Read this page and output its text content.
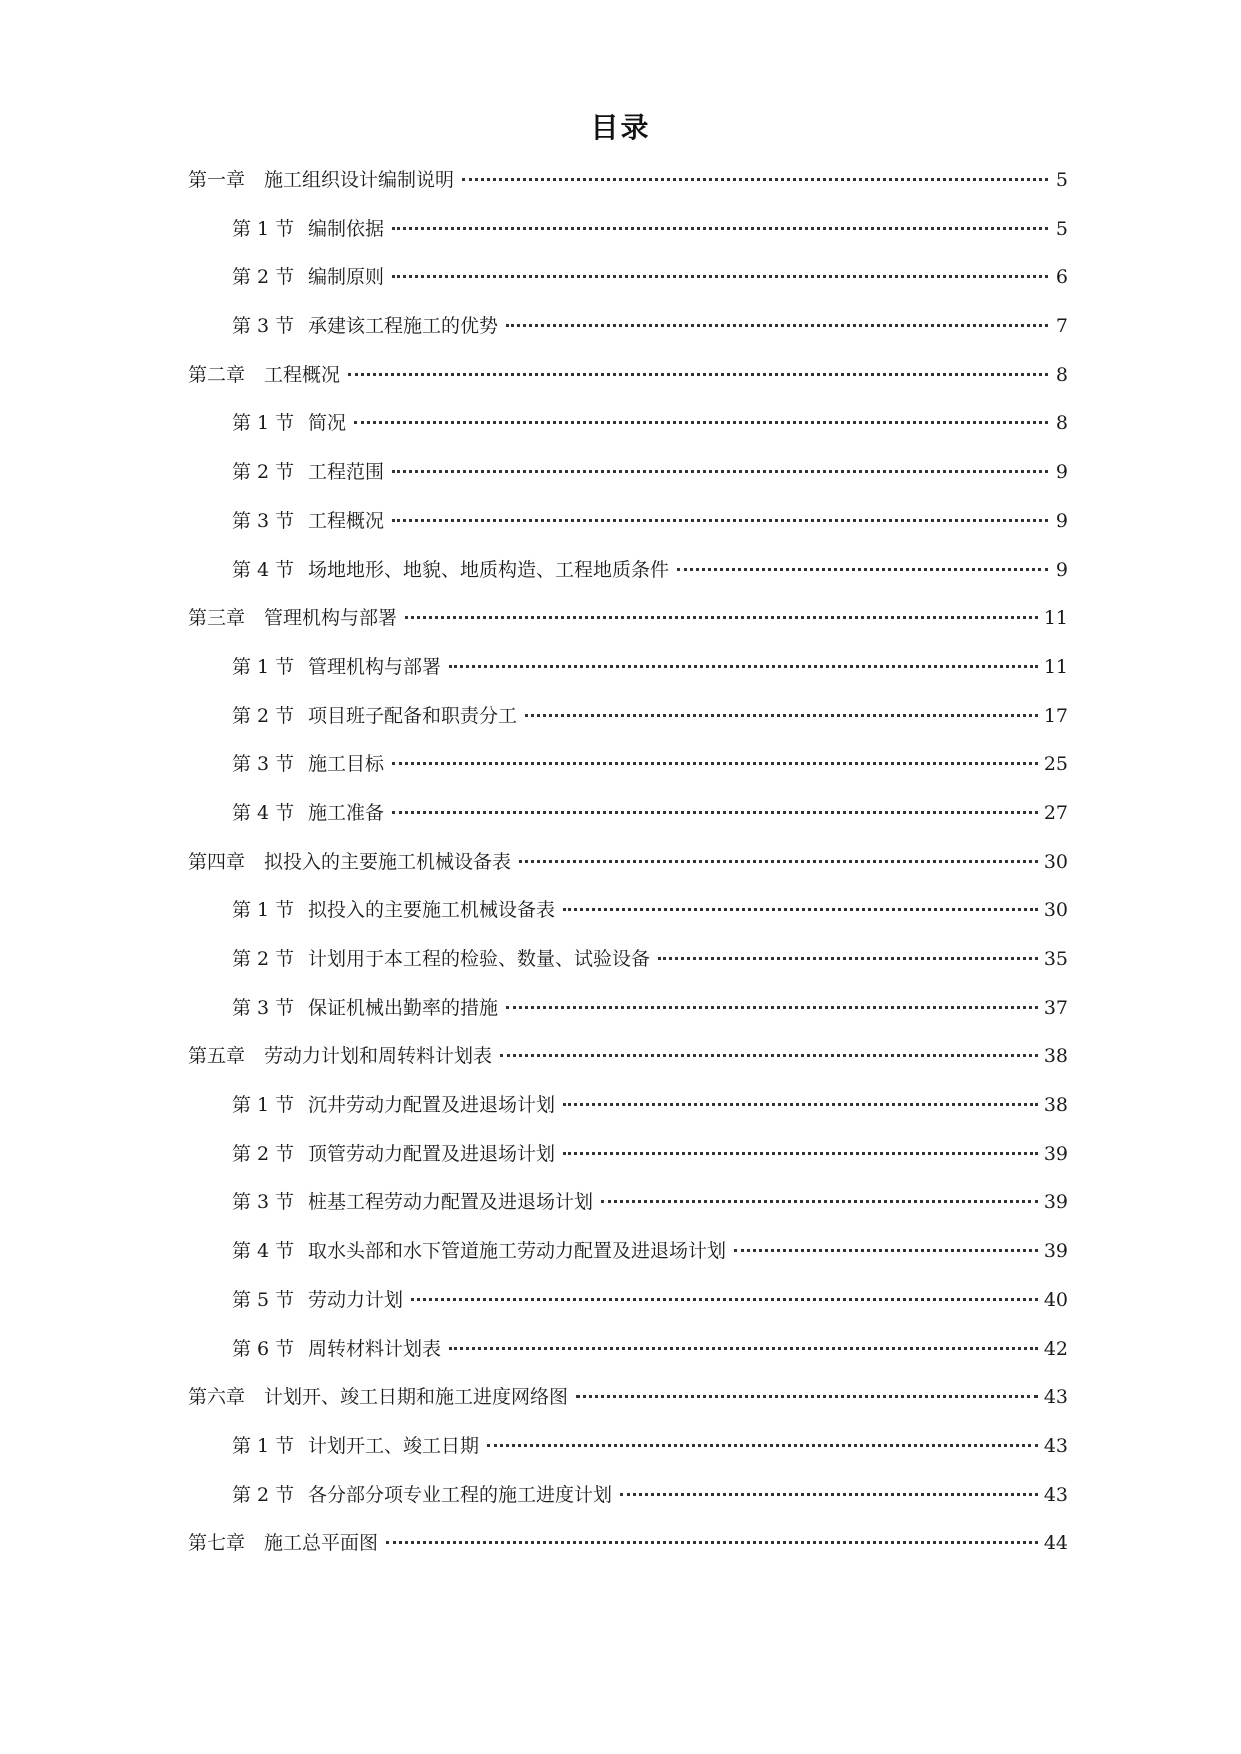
目录
第一章 施工组织设计编制说明	5
第 1 节 编制依据	5
第 2 节 编制原则	6
第 3 节 承建该工程施工的优势	7
第二章 工程概况	8
第 1 节 简况	8
第 2 节 工程范围	9
第 3 节 工程概况	9
第 4 节 场地地形、地貌、地质构造、工程地质条件	9
第三章 管理机构与部署	11
第 1 节 管理机构与部署	11
第 2 节 项目班子配备和职责分工	17
第 3 节 施工目标	25
第 4 节 施工准备	27
第四章 拟投入的主要施工机械设备表	30
第 1 节 拟投入的主要施工机械设备表	30
第 2 节 计划用于本工程的检验、数量、试验设备	35
第 3 节 保证机械出勤率的措施	37
第五章 劳动力计划和周转料计划表	38
第 1 节 沉井劳动力配置及进退场计划	38
第 2 节 顶管劳动力配置及进退场计划	39
第 3 节 桩基工程劳动力配置及进退场计划	39
第 4 节 取水头部和水下管道施工劳动力配置及进退场计划	39
第 5 节 劳动力计划	40
第 6 节 周转材料计划表	42
第六章 计划开、竣工日期和施工进度网络图	43
第 1 节 计划开工、竣工日期	43
第 2 节 各分部分项专业工程的施工进度计划	43
第七章 施工总平面图	44
